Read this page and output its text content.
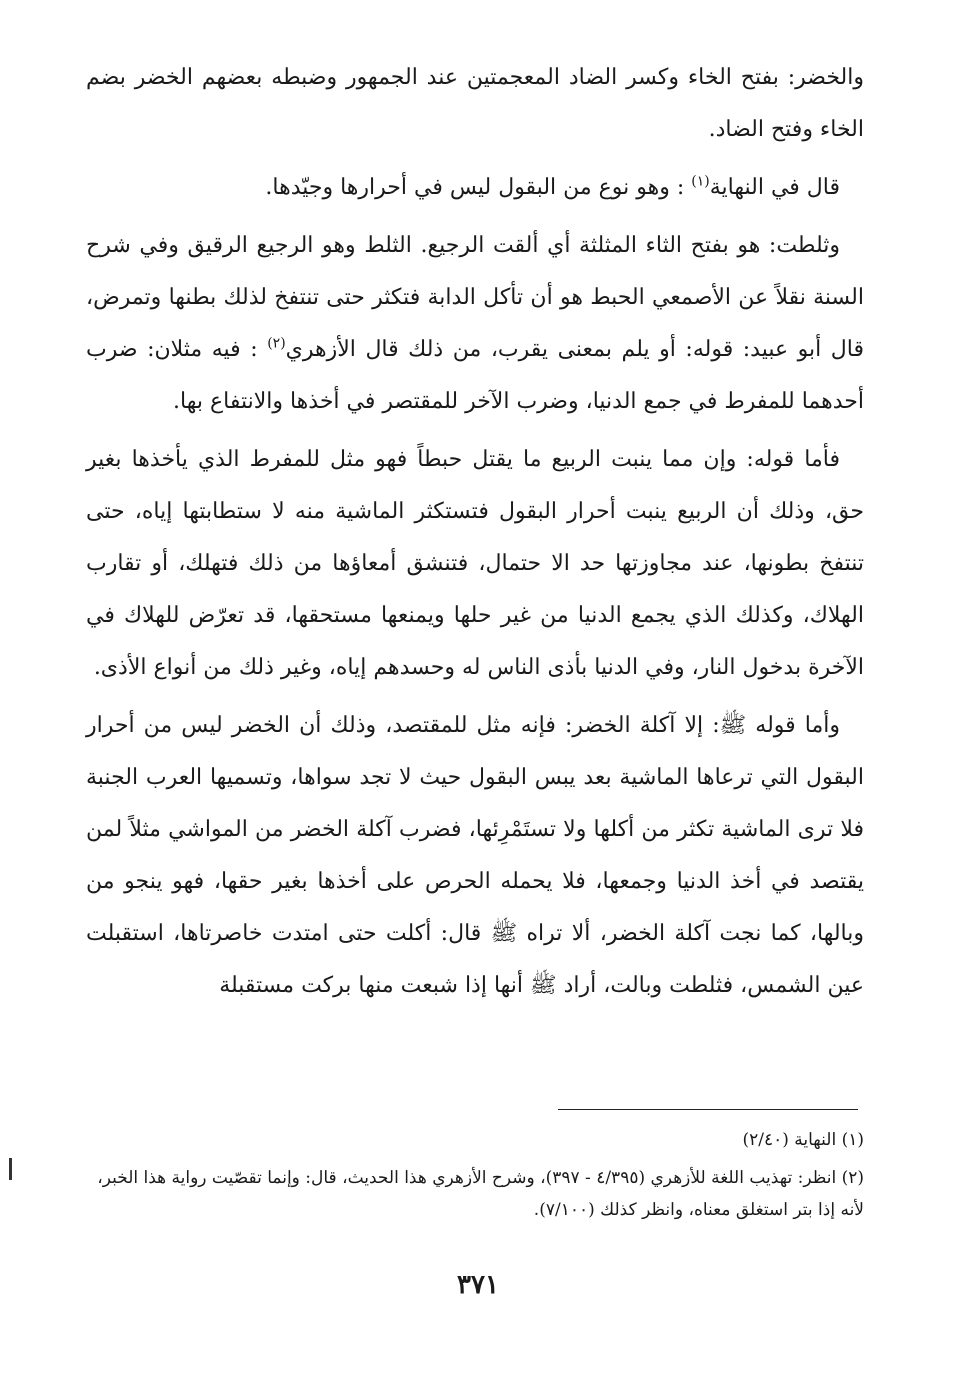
والخضر: بفتح الخاء وكسر الضاد المعجمتين عند الجمهور وضبطه بعضهم الخضر بضم الخاء وفتح الضاد.

قال في النهاية$^{(١)}$ : وهو نوع من البقول ليس في أحرارها وجيّدها.

وثلطت: هو بفتح الثاء المثلثة أي ألقت الرجيع. الثلط وهو الرجيع الرقيق وفي شرح السنة نقلاً عن الأصمعي الحبط هو أن تأكل الدابة فتكثر حتى تنتفخ لذلك بطنها وتمرض، قال أبو عبيد: قوله: أو يلم بمعنى يقرب، من ذلك قال الأزهري$^{(٢)}$ : فيه مثلان: ضرب أحدهما للمفرط في جمع الدنيا، وضرب الآخر للمقتصر في أخذها والانتفاع بها.

فأما قوله: وإن مما ينبت الربيع ما يقتل حبطاً فهو مثل للمفرط الذي يأخذها بغير حق، وذلك أن الربيع ينبت أحرار البقول فتستكثر الماشية منه لا ستطابتها إياه، حتى تنتفخ بطونها، عند مجاوزتها حد الا حتمال، فتنشق أمعاؤها من ذلك فتهلك، أو تقارب الهلاك، وكذلك الذي يجمع الدنيا من غير حلها ويمنعها مستحقها، قد تعرّض للهلاك في الآخرة بدخول النار، وفي الدنيا بأذى الناس له وحسدهم إياه، وغير ذلك من أنواع الأذى.

وأما قوله ﷺ: إلا آكلة الخضر: فإنه مثل للمقتصد، وذلك أن الخضر ليس من أحرار البقول التي ترعاها الماشية بعد يبس البقول حيث لا تجد سواها، وتسميها العرب الجنبة فلا ترى الماشية تكثر من أكلها ولا تستَمْرِئها، فضرب آكلة الخضر من المواشي مثلاً لمن يقتصد في أخذ الدنيا وجمعها، فلا يحمله الحرص على أخذها بغير حقها، فهو ينجو من وبالها، كما نجت آكلة الخضر، ألا تراه ﷺ قال: أكلت حتى امتدت خاصرتاها، استقبلت عين الشمس، فثلطت وبالت، أراد ﷺ أنها إذا شبعت منها بركت مستقبلة

(١) النهاية (٢/٤٠)

(٢) انظر: تهذيب اللغة للأزهري (٤/٣٩٥ - ٣٩٧)، وشرح الأزهري هذا الحديث، قال: وإنما تقصّيت رواية هذا الخبر، لأنه إذا بتر استغلق معناه، وانظر كذلك (٧/١٠٠).

٣٧١
